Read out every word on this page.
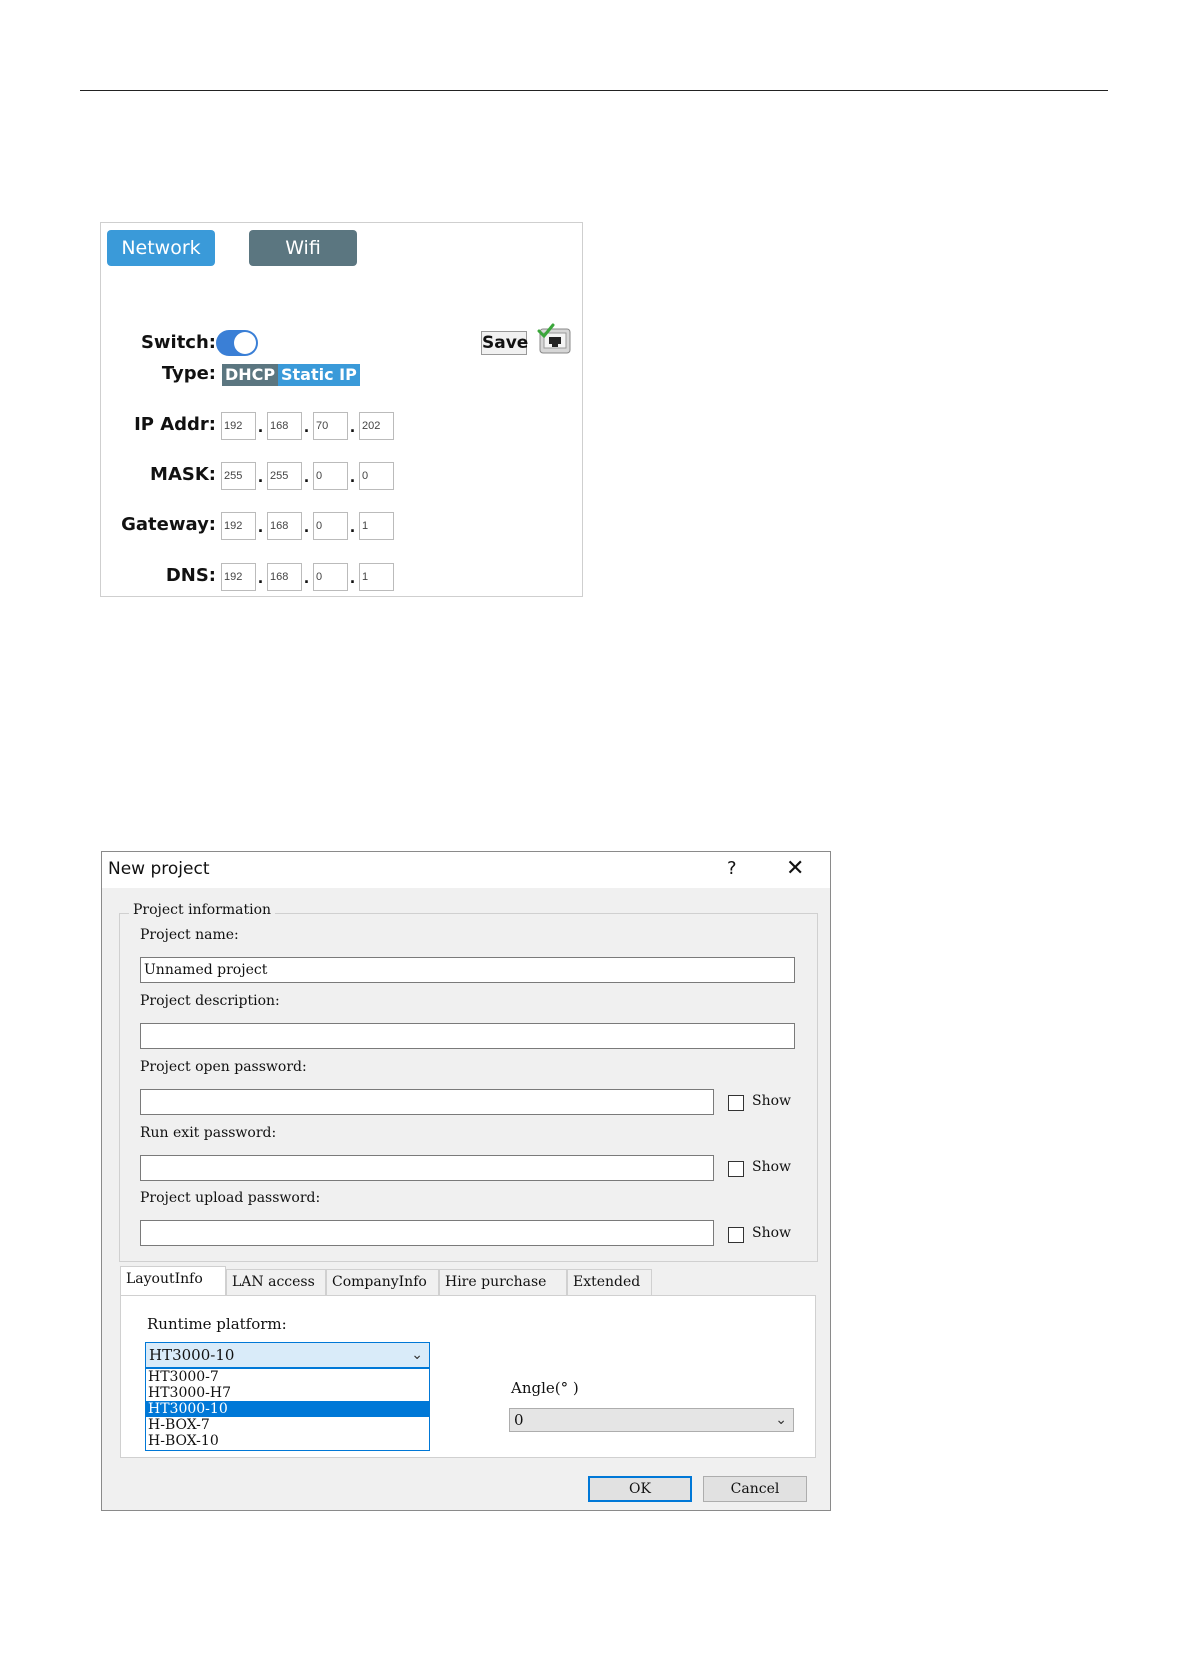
Network	Wifi
Switch:	Save
Type: DHCP Static IP
IP Addr: 192 . 168 . 70	. 202
MASK: 255 . 255 . 0	. 0
Gateway: 192 . 168 . 0	. 1
DNS: 192 . 168 . 0	. 1
New project	? ✕
Project information
Project name:
Unnamed project
Project description:
Project open password:
Show
Run exit password:
Show
Project upload password:
Show
LayoutInfo	LAN access	CompanyInfo	Hire purchase	Extended
Runtime platform:
HT3000-10	⌄
HT3000-7
HT3000-H7
HT3000-10
H-BOX-7
H-BOX-10
Angle(° )
0	⌄
OK	Cancel
